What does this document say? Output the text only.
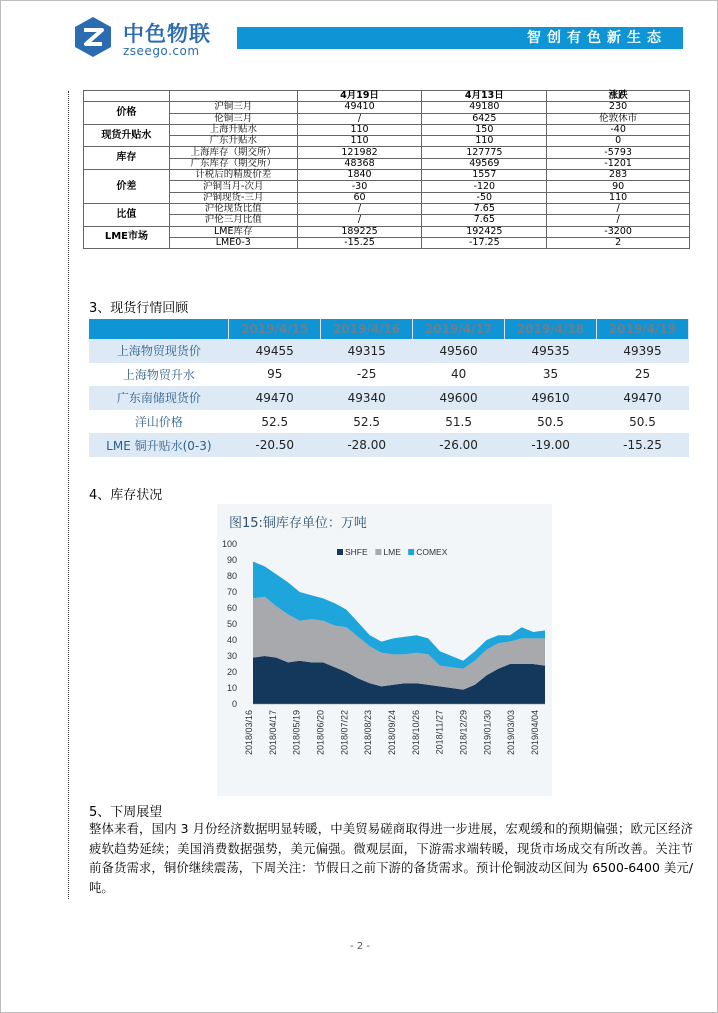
中色物联
zseego.com
智创有色新生态
		4月19日	4月13日	涨跌
价格	沪铜三月	49410	49180	230
	伦铜三月	/	6425	伦敦休市
现货升贴水	上海升贴水	110	150	-40
	广东升贴水	110	110	0
库存	上海库存（期交所）	121982	127775	-5793
	广东库存（期交所）	48368	49569	-1201
价差	计税后的精废价差	1840	1557	283
	沪铜当月-次月	-30	-120	90
	沪铜现货-三月	60	-50	110
比值	沪伦现货比值	/	7.65	/
	沪伦三月比值	/	7.65	/
LME市场	LME库存	189225	192425	-3200
	LME0-3	-15.25	-17.25	2
3、现货行情回顾
	2019/4/15	2019/4/16	2019/4/17	2019/4/18	2019/4/19
上海物贸现货价	49455	49315	49560	49535	49395
上海物贸升水	95	-25	40	35	25
广东南储现货价	49470	49340	49600	49610	49470
洋山价格	52.5	52.5	51.5	50.5	50.5
LME 铜升贴水(0-3)	-20.50	-28.00	-26.00	-19.00	-15.25
4、库存状况
图15:铜库存单位：万吨
0
10
20
30
40
50
60
70
80
90
100
2018/03/16 2018/04/17 2018/05/19 2018/06/20 2018/07/22 2018/08/23 2018/09/24 2018/10/26 2018/11/27 2018/12/29 2019/01/30 2019/03/03 2019/04/04
SHFE LME COMEX
5、下周展望
整体来看，国内 3 月份经济数据明显转暖，中美贸易磋商取得进一步进展，宏观缓和的预期偏强；欧元区经济疲软趋势延续；美国消费数据强势，美元偏强。微观层面，下游需求端转暖，现货市场成交有所改善。关注节前备货需求，铜价继续震荡，下周关注：节假日之前下游的备货需求。预计伦铜波动区间为 6500-6400 美元/吨。
- 2 -
